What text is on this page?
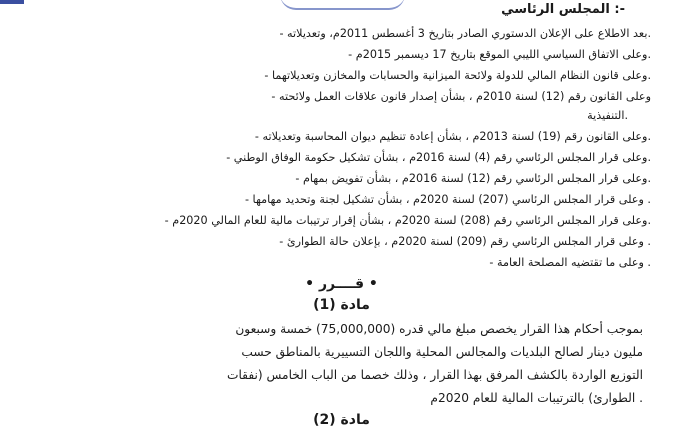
المجلس الرئاسي :-
- بعد الاطلاع على الإعلان الدستوري الصادر بتاريخ 3 أغسطس 2011م، وتعديلاته.
- وعلى الاتفاق السياسي الليبي الموقع بتاريخ 17 ديسمبر 2015م.
- وعلى قانون النظام المالي للدولة ولائحة الميزانية والحسابات والمخازن وتعديلاتهما.
- وعلى القانون رقم (12) لسنة 2010م ، بشأن إصدار قانون علاقات العمل ولائحته
التنفيذية.
- وعلى القانون رقم (19) لسنة 2013م ، بشأن إعادة تنظيم ديوان المحاسبة وتعديلاته.
- وعلى قرار المجلس الرئاسي رقم (4) لسنة 2016م ، بشأن تشكيل حكومة الوفاق الوطني.
- وعلى قرار المجلس الرئاسي رقم (12) لسنة 2016م ، بشأن تفويض بمهام.
- وعلى قرار المجلس الرئاسي (207) لسنة 2020م ، بشأن تشكيل لجنة وتحديد مهامها .
- وعلى قرار المجلس الرئاسي رقم (208) لسنة 2020م ، بشأن إقرار ترتيبات مالية للعام المالي 2020م.
- وعلى قرار المجلس الرئاسي رقم (209) لسنة 2020م ، بإعلان حالة الطوارئ .
- وعلى ما تقتضيه المصلحة العامة .
• قــــرر •
مادة (1)
بموجب أحكام هذا القرار يخصص مبلغ مالي قدره (75,000,000) خمسة وسبعون
مليون دينار لصالح البلديات والمجالس المحلية واللجان التسييرية بالمناطق حسب
التوزيع الواردة بالكشف المرفق بهذا القرار ، وذلك خصما من الباب الخامس (نفقات
الطوارئ) بالترتيبات المالية للعام 2020م .
مادة (2)
